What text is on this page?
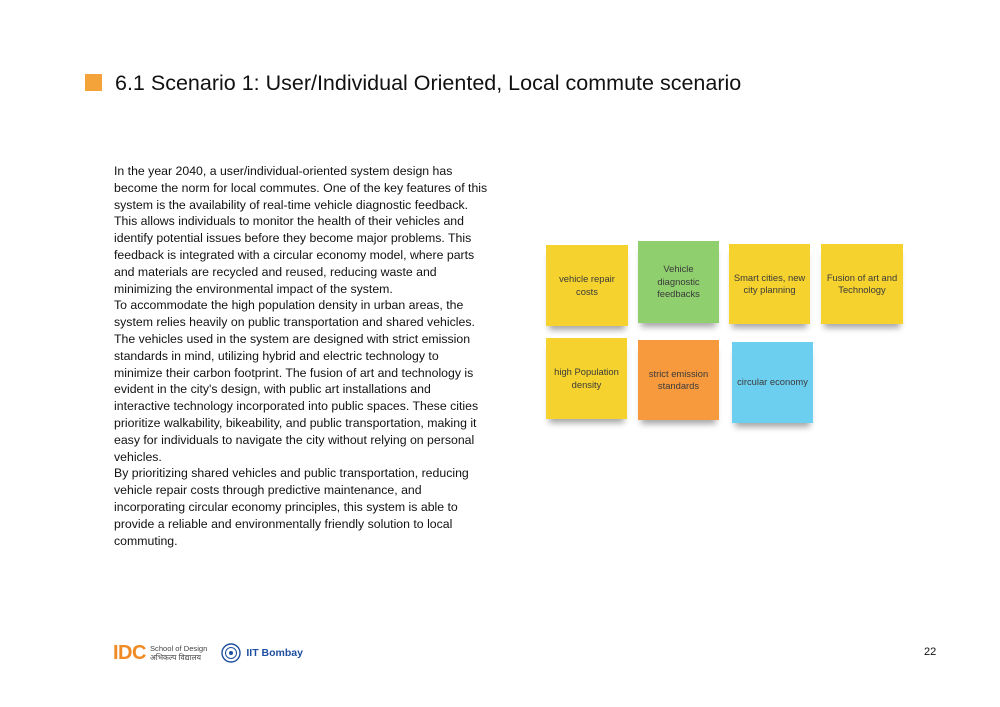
6.1 Scenario 1: User/Individual Oriented, Local commute scenario

In the year 2040, a user/individual-oriented system design has become the norm for local commutes. One of the key features of this system is the availability of real-time vehicle diagnostic feedback. This allows individuals to monitor the health of their vehicles and identify potential issues before they become major problems. This feedback is integrated with a circular economy model, where parts and materials are recycled and reused, reducing waste and minimizing the environmental impact of the system.

To accommodate the high population density in urban areas, the system relies heavily on public transportation and shared vehicles. The vehicles used in the system are designed with strict emission standards in mind, utilizing hybrid and electric technology to minimize their carbon footprint. The fusion of art and technology is evident in the city's design, with public art installations and interactive technology incorporated into public spaces. These cities prioritize walkability, bikeability, and public transportation, making it easy for individuals to navigate the city without relying on personal vehicles.

By prioritizing shared vehicles and public transportation, reducing vehicle repair costs through predictive maintenance, and incorporating circular economy principles, this system is able to provide a reliable and environmentally friendly solution to local commuting.

vehicle repair costs
Vehicle diagnostic feedbacks
Smart cities, new city planning
Fusion of art and Technology
high Population density
strict emission standards	circular economy
IDC School of Design
अभिकल्प विद्यालय	IIT Bombay	22
